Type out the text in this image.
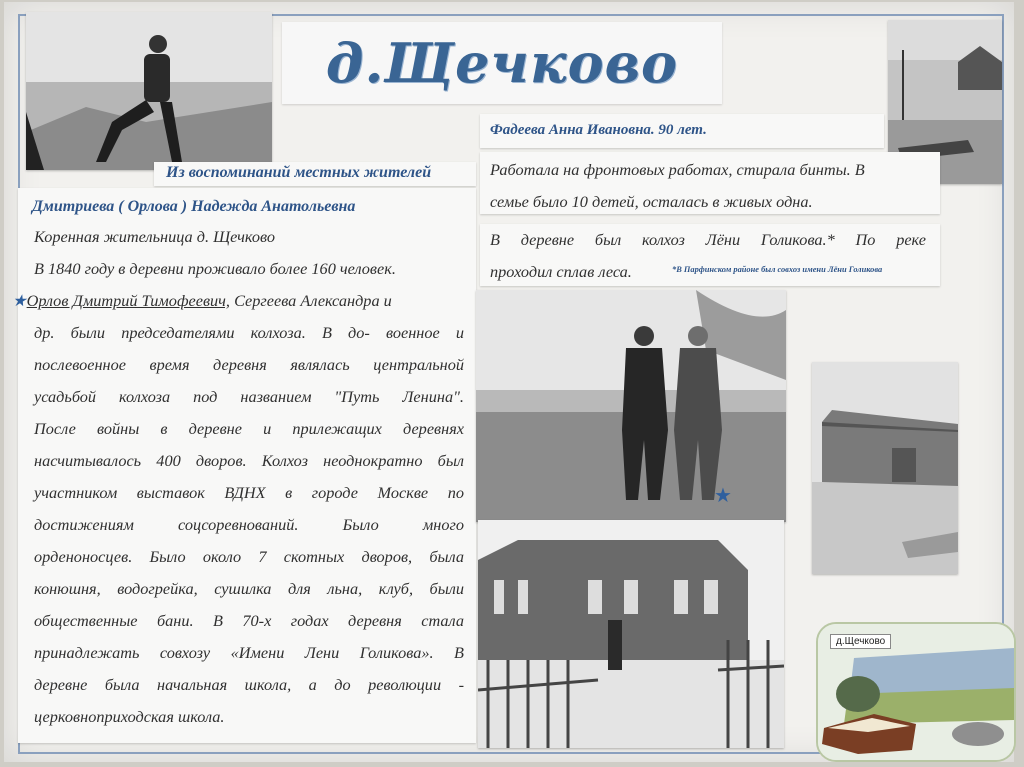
д.Щечково
Из воспоминаний местных жителей
Дмитриева ( Орлова ) Надежда Анатольевна
Коренная жительница д. Щечково
В 1840 году в деревни проживало более 160 человек.
★Орлов Дмитрий Тимофеевич, Сергеева Александра и
др. были председателями колхоза. В до- военное и
послевоенное время деревня являлась центральной
усадьбой колхоза под названием "Путь Ленина".
После войны в деревне и прилежащих деревнях
насчитывалось 400 дворов. Колхоз неоднократно был
участником выставок ВДНХ в городе Москве по
достижениям соцсоревнований. Было много
орденоносцев. Было около 7 скотных дворов, была
конюшня, водогрейка, сушилка для льна, клуб, были
общественные бани. В 70-х годах деревня стала
принадлежать совхозу «Имени Лени Голикова». В
деревне была начальная школа, а до революции -
церковноприходская школа.
Фадеева Анна Ивановна. 90 лет.
Работала на фронтовых работах, стирала бинты. В
семье было 10 детей, осталась в живых одна.
В деревне был колхоз Лёни Голикова.* По реке
проходил сплав леса.	*В Парфинском районе был совхоз имени Лёни Голикова
★
д.Щечково
